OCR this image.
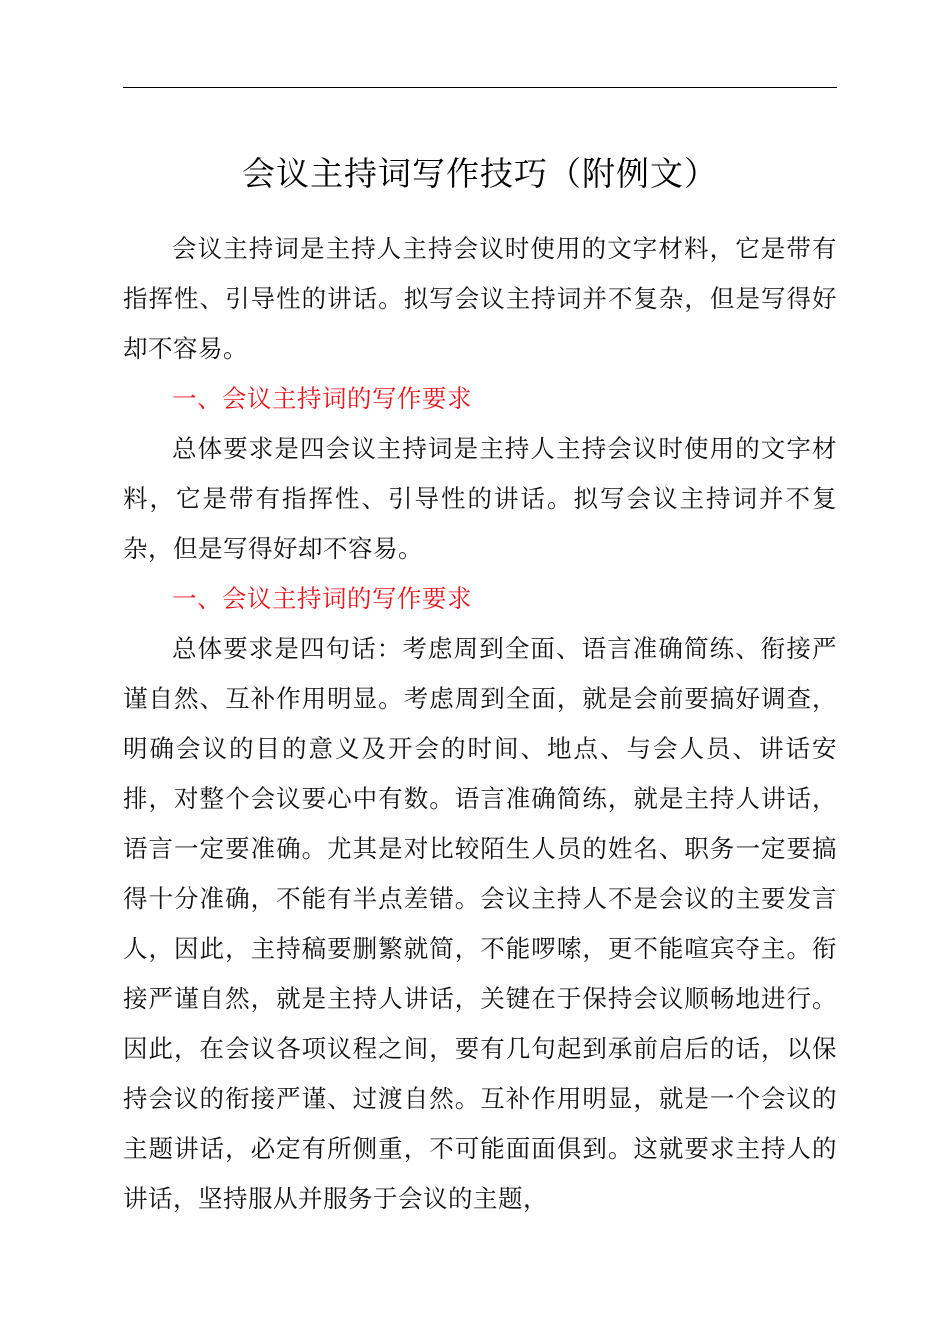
会议主持词写作技巧（附例文）

会议主持词是主持人主持会议时使用的文字材料，它是带有指挥性、引导性的讲话。拟写会议主持词并不复杂，但是写得好却不容易。

一、会议主持词的写作要求

总体要求是四会议主持词是主持人主持会议时使用的文字材料，它是带有指挥性、引导性的讲话。拟写会议主持词并不复杂，但是写得好却不容易。

一、会议主持词的写作要求

总体要求是四句话：考虑周到全面、语言准确简练、衔接严谨自然、互补作用明显。考虑周到全面，就是会前要搞好调查，明确会议的目的意义及开会的时间、地点、与会人员、讲话安排，对整个会议要心中有数。语言准确简练，就是主持人讲话，语言一定要准确。尤其是对比较陌生人员的姓名、职务一定要搞得十分准确，不能有半点差错。会议主持人不是会议的主要发言人，因此，主持稿要删繁就简，不能啰嗦，更不能喧宾夺主。衔接严谨自然，就是主持人讲话，关键在于保持会议顺畅地进行。因此，在会议各项议程之间，要有几句起到承前启后的话，以保持会议的衔接严谨、过渡自然。互补作用明显，就是一个会议的主题讲话，必定有所侧重，不可能面面俱到。这就要求主持人的讲话，坚持服从并服务于会议的主题，
